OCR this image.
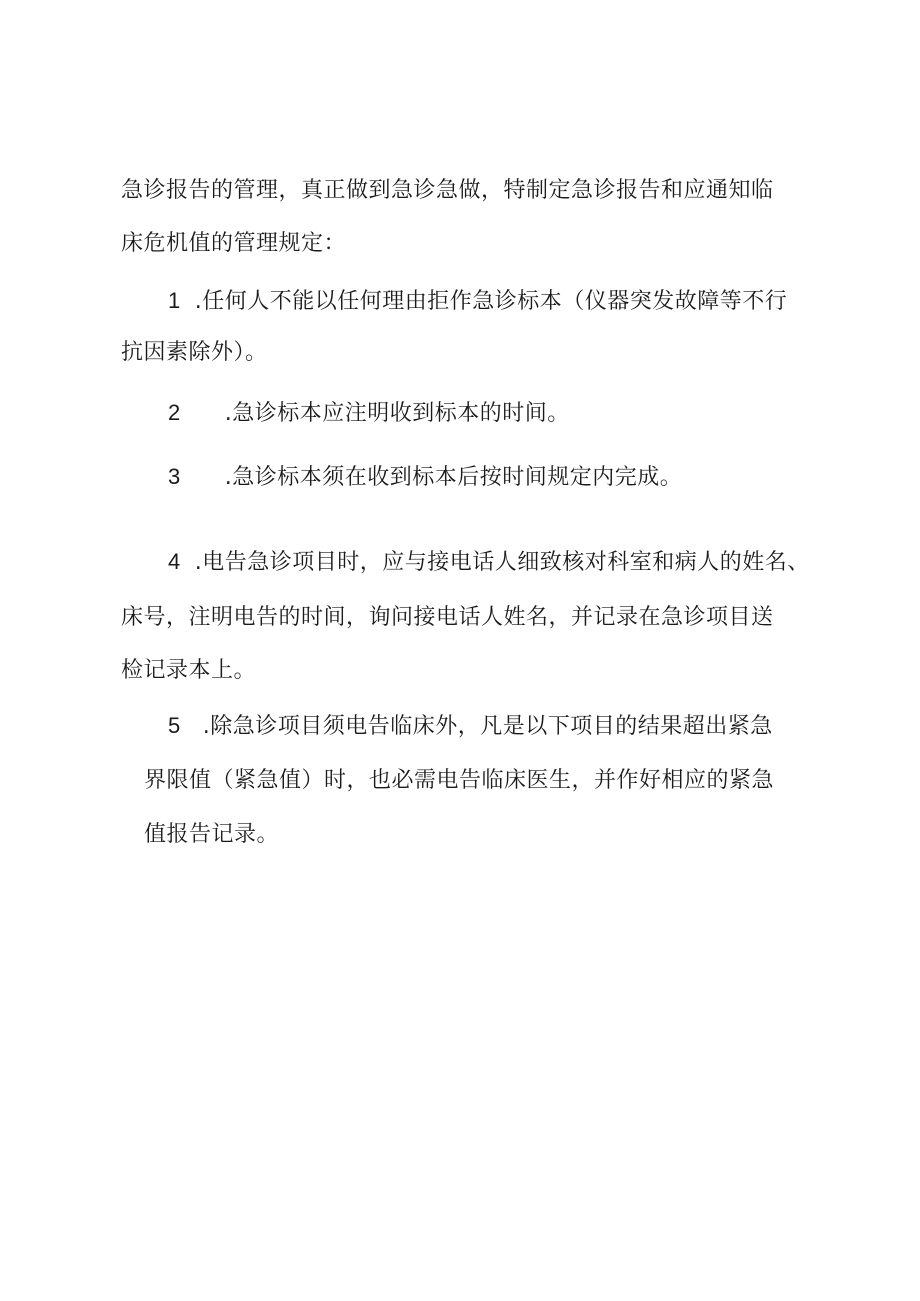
急诊报告的管理，真正做到急诊急做，特制定急诊报告和应通知临
床危机值的管理规定：
1 .任何人不能以任何理由拒作急诊标本（仪器突发故障等不行
抗因素除外）。
2 .急诊标本应注明收到标本的时间。
3 .急诊标本须在收到标本后按时间规定内完成。
4 .电告急诊项目时，应与接电话人细致核对科室和病人的姓名、
床号，注明电告的时间，询问接电话人姓名，并记录在急诊项目送
检记录本上。
5 .除急诊项目须电告临床外，凡是以下项目的结果超出紧急
界限值（紧急值）时，也必需电告临床医生，并作好相应的紧急
值报告记录。
